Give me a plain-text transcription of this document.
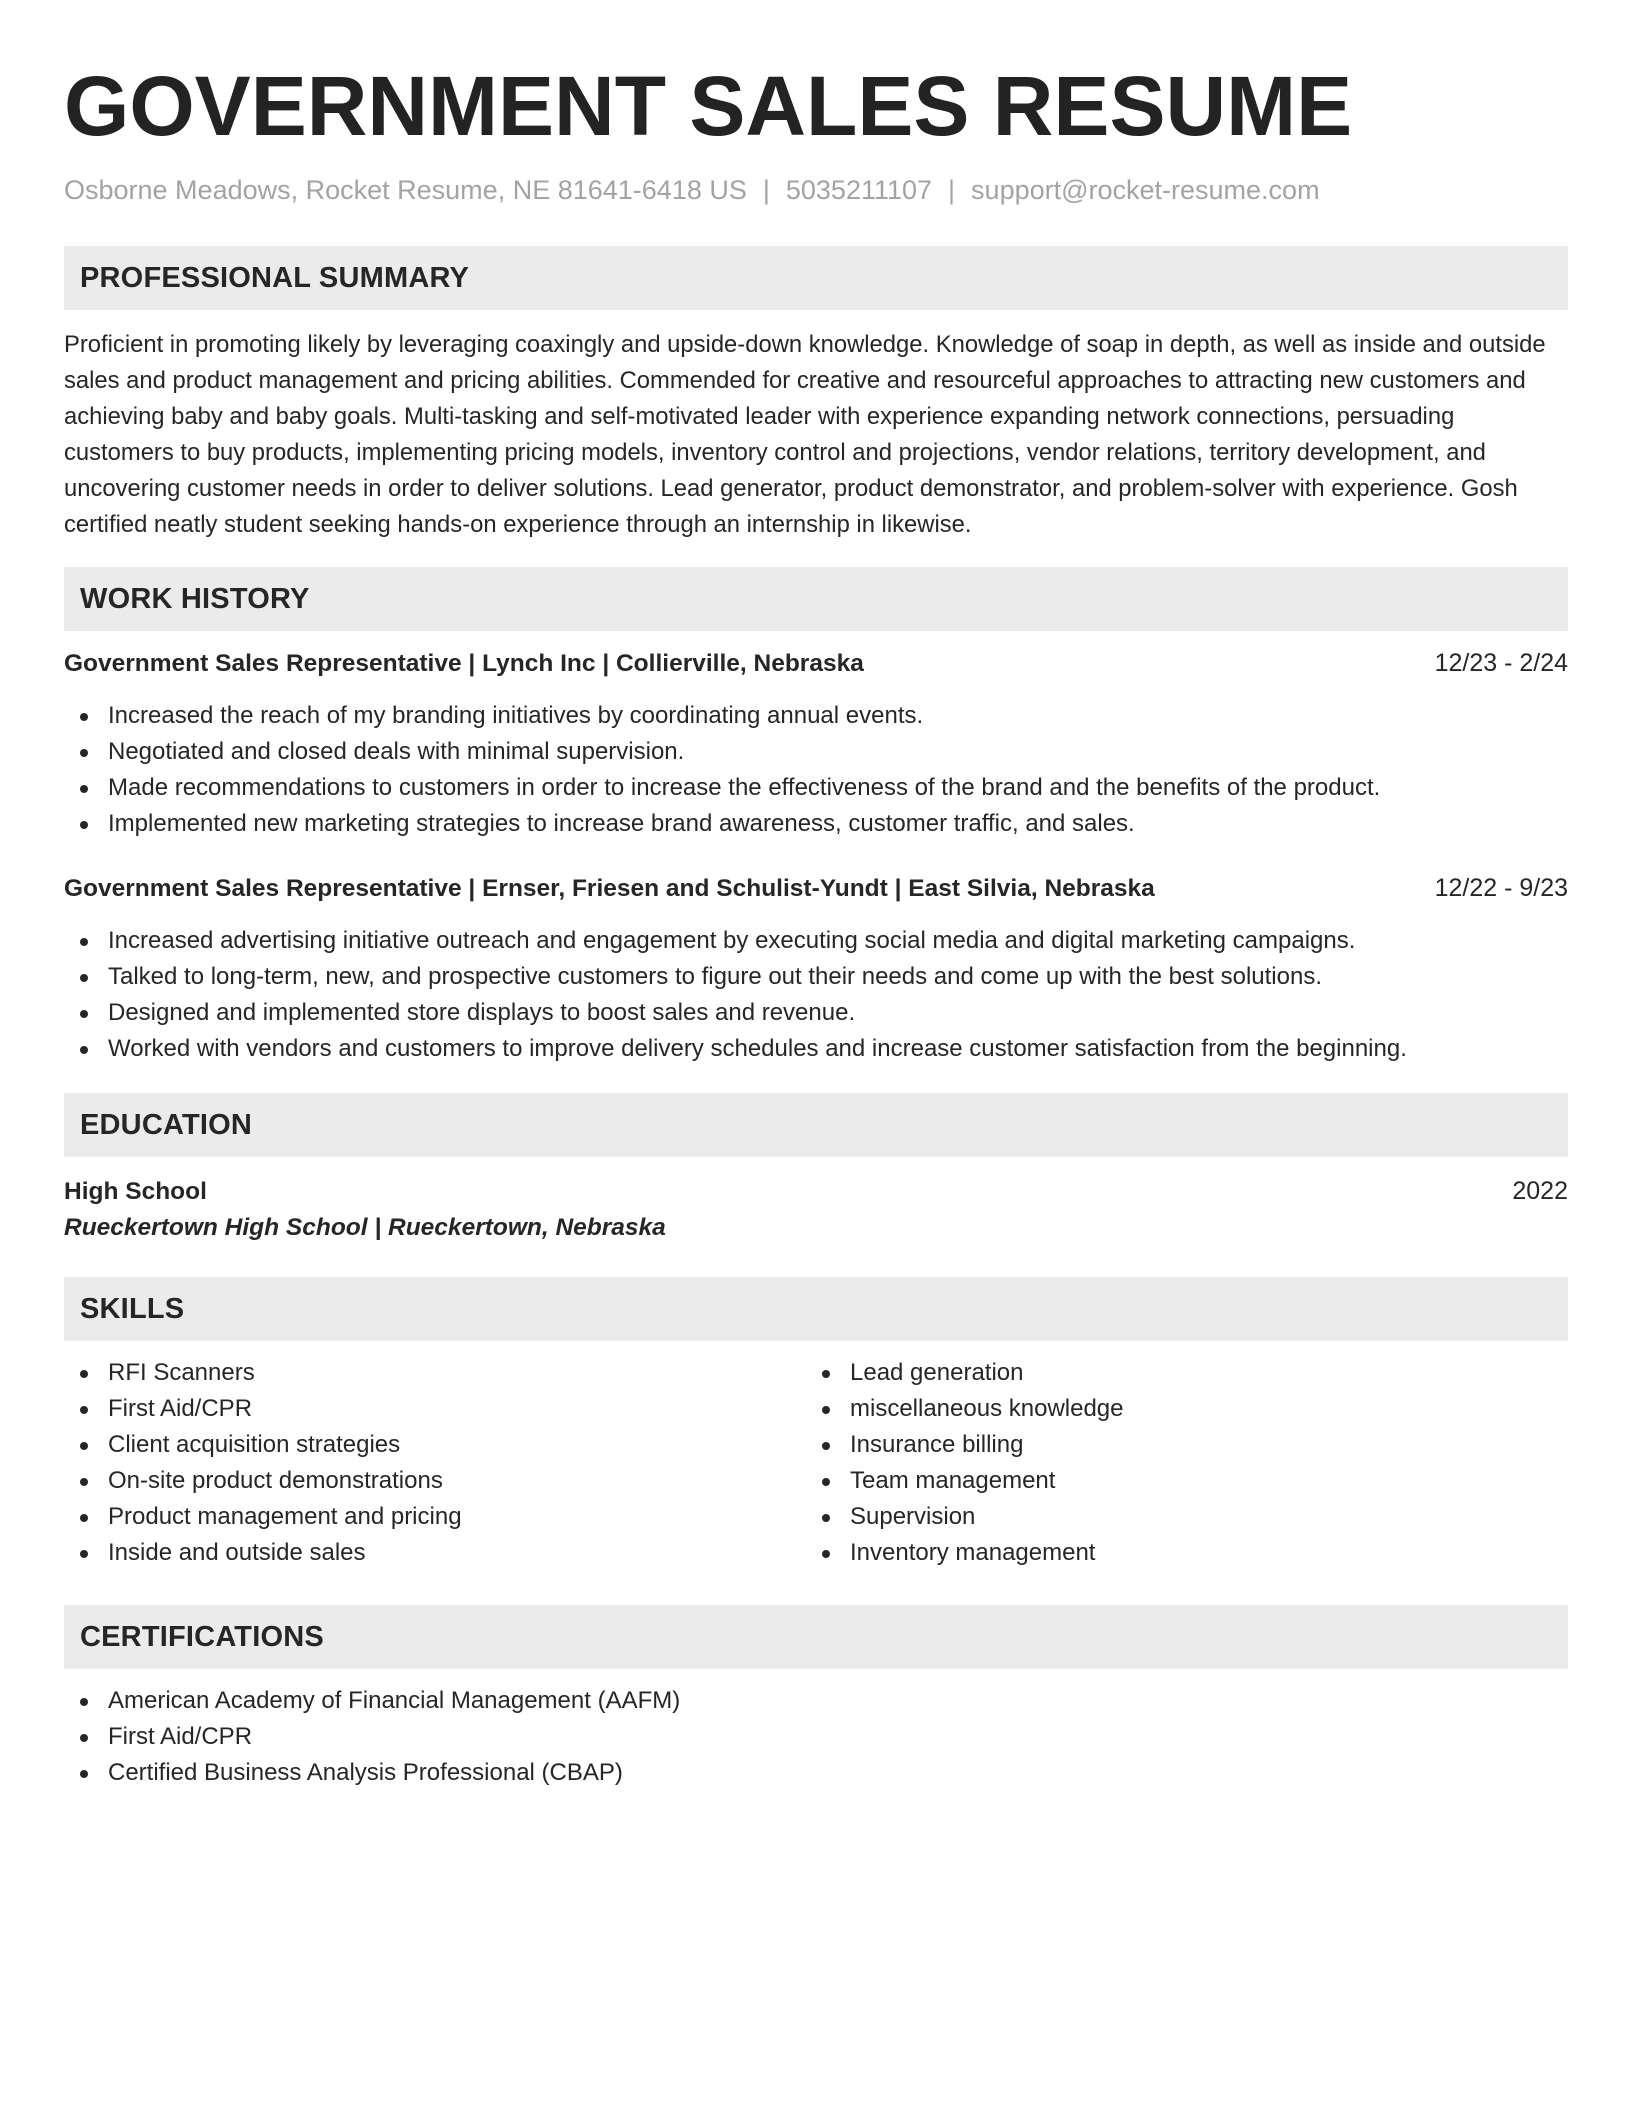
GOVERNMENT SALES RESUME
Osborne Meadows, Rocket Resume, NE 81641-6418 US | 5035211107 | support@rocket-resume.com
PROFESSIONAL SUMMARY
Proficient in promoting likely by leveraging coaxingly and upside-down knowledge. Knowledge of soap in depth, as well as inside and outside sales and product management and pricing abilities. Commended for creative and resourceful approaches to attracting new customers and achieving baby and baby goals. Multi-tasking and self-motivated leader with experience expanding network connections, persuading customers to buy products, implementing pricing models, inventory control and projections, vendor relations, territory development, and uncovering customer needs in order to deliver solutions. Lead generator, product demonstrator, and problem-solver with experience. Gosh certified neatly student seeking hands-on experience through an internship in likewise.
WORK HISTORY
Government Sales Representative | Lynch Inc | Collierville, Nebraska	12/23 - 2/24
Increased the reach of my branding initiatives by coordinating annual events.
Negotiated and closed deals with minimal supervision.
Made recommendations to customers in order to increase the effectiveness of the brand and the benefits of the product.
Implemented new marketing strategies to increase brand awareness, customer traffic, and sales.
Government Sales Representative | Ernser, Friesen and Schulist-Yundt | East Silvia, Nebraska	12/22 - 9/23
Increased advertising initiative outreach and engagement by executing social media and digital marketing campaigns.
Talked to long-term, new, and prospective customers to figure out their needs and come up with the best solutions.
Designed and implemented store displays to boost sales and revenue.
Worked with vendors and customers to improve delivery schedules and increase customer satisfaction from the beginning.
EDUCATION
High School	2022
Rueckertown High School | Rueckertown, Nebraska
SKILLS
RFI Scanners
First Aid/CPR
Client acquisition strategies
On-site product demonstrations
Product management and pricing
Inside and outside sales
Lead generation
miscellaneous knowledge
Insurance billing
Team management
Supervision
Inventory management
CERTIFICATIONS
American Academy of Financial Management (AAFM)
First Aid/CPR
Certified Business Analysis Professional (CBAP)
